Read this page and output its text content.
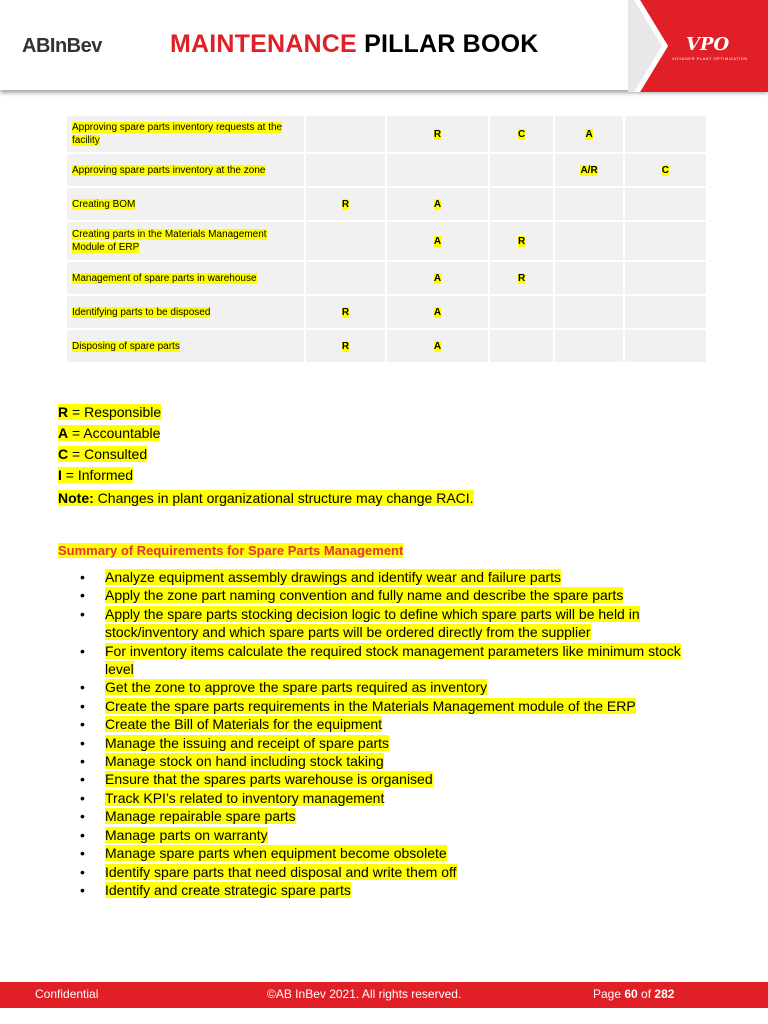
ABInBev	MAINTENANCE PILLAR BOOK	VPO
VOYAGER PLANT OPTIMIZATION
Approving spare parts inventory requests at the facility		R	C	A	
Approving spare parts inventory at the zone				A/R	C
Creating BOM	R	A			
Creating parts in the Materials Management Module of ERP		A	R		
Management of spare parts in warehouse		A	R		
Identifying parts to be disposed	R	A			
Disposing of spare parts	R	A			
R = Responsible
A = Accountable
C = Consulted
I = Informed
Note: Changes in plant organizational structure may change RACI.
Summary of Requirements for Spare Parts Management
• Analyze equipment assembly drawings and identify wear and failure parts
• Apply the zone part naming convention and fully name and describe the spare parts
• Apply the spare parts stocking decision logic to define which spare parts will be held in stock/inventory and which spare parts will be ordered directly from the supplier
• For inventory items calculate the required stock management parameters like minimum stock level
• Get the zone to approve the spare parts required as inventory
• Create the spare parts requirements in the Materials Management module of the ERP
• Create the Bill of Materials for the equipment
• Manage the issuing and receipt of spare parts
• Manage stock on hand including stock taking
• Ensure that the spares parts warehouse is organised
• Track KPI’s related to inventory management
• Manage repairable spare parts
• Manage parts on warranty
• Manage spare parts when equipment become obsolete
• Identify spare parts that need disposal and write them off
• Identify and create strategic spare parts
Confidential	©AB InBev 2021. All rights reserved.	Page 60 of 282
